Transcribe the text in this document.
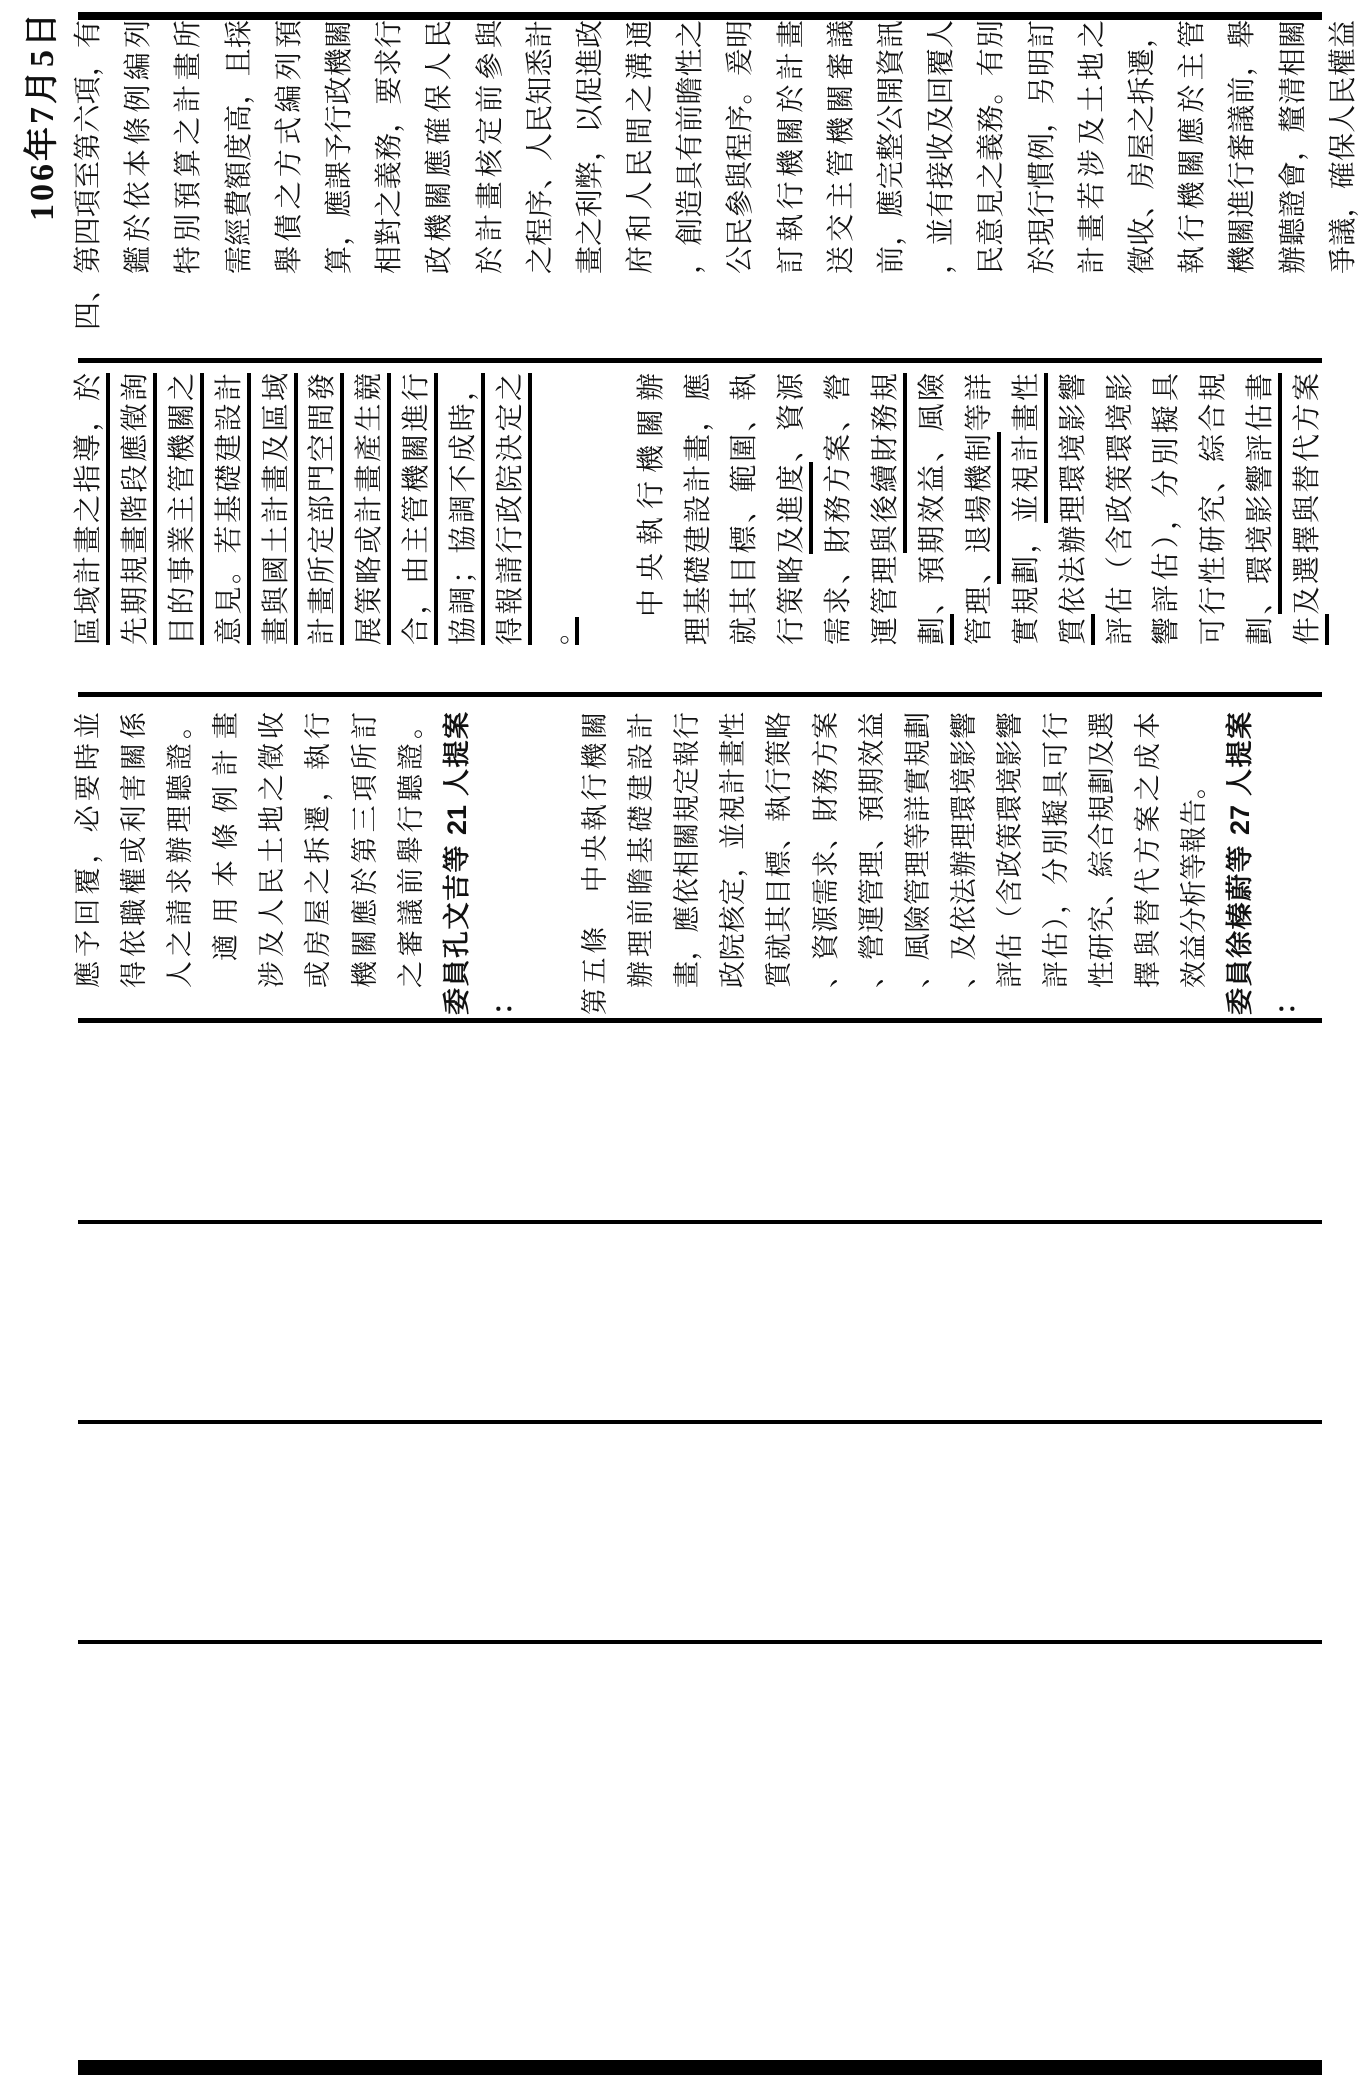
106年7月5日 四、第四項至第六項，有 鑑於依本條例編列 特別預算之計畫所 需經費額度高，且採 舉債之方式編列預 算，應課予行政機關 相對之義務，要求行 政機關應確保人民 於計畫核定前參與 之程序、人民知悉計 畫之利弊，以促進政 府和人民間之溝通 ，創造具有前瞻性之 公民參與程序。爰明 訂執行機關於計畫 送交主管機關審議 前，應完整公開資訊 ，並有接收及回覆人 民意見之義務。有別 於現行慣例，另明訂 計畫若涉及土地之 徵收、房屋之拆遷， 執行機關應於主管 機關進行審議前，舉 辦聽證會，釐清相關 爭議，確保人民權益
區域計畫之指導，於 先期規畫階段應徵詢 目的事業主管機關之 意見。若基礎建設計 畫與國土計畫及區域 計畫所定部門空間發 展策略或計畫產生競 合，由主管機關進行 協調；協調不成時， 得報請行政院決定之 。
中央執行機關辦 理基礎建設計畫，應 就其目標、範圍、執 行策略及進度、資源 需求、財務方案、營 運管理與後續財務規
劃、預期效益、風險 管理、退場機制等詳
實規劃，並視計畫性
質依法辦理環境影響 評估（含政策環境影 響評估），分別擬具 可行性研究、綜合規 劃、環境影響評估書
件及選擇與替代方案
應予回覆，必要時並 得依職權或利害關係 人之請求辦理聽證。 適用本條例計畫 涉及人民土地之徵收 或房屋之拆遷，執行 機關應於第三項所訂 之審議前舉行聽證。 委員孔文吉等 21 人提案 ：	第五條　中央執行機關 辦理前瞻基礎建設計 畫，應依相關規定報行 政院核定，並視計畫性 質就其目標、執行策略 、資源需求、財務方案 、營運管理、預期效益 、風險管理等詳實規劃 、及依法辦理環境影響 評估（含政策環境影響 評估），分別擬具可行 性研究、綜合規劃及選 擇與替代方案之成本 效益分析等報告。 委員徐榛蔚等 27 人提案 ：
